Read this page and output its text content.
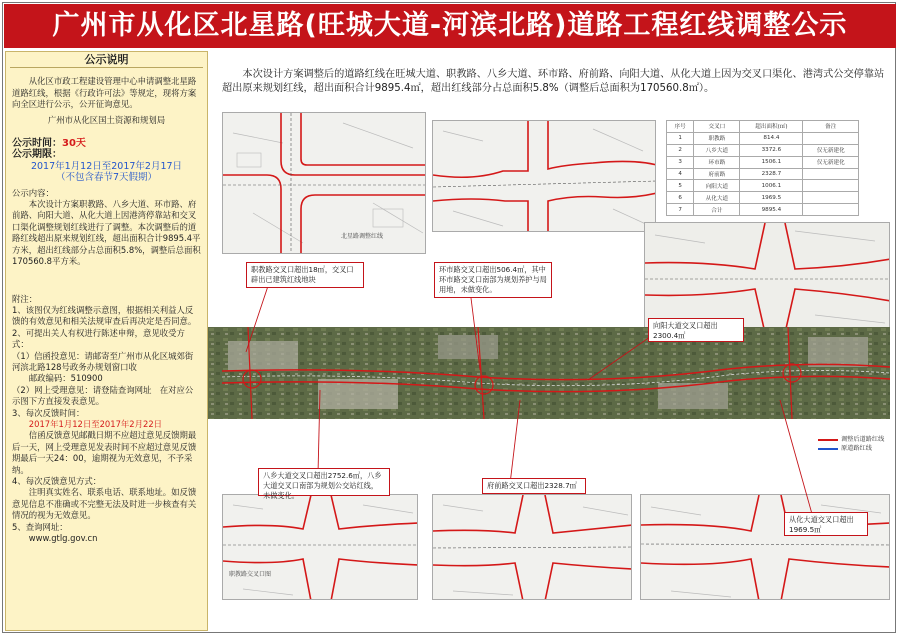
广州市从化区北星路(旺城大道-河滨北路)道路工程红线调整公示
公示说明

从化区市政工程建设管理中心申请调整北星路道路红线，根据《行政许可法》等规定，现将方案向全区进行公示，公开征询意见。

广州市从化区国土资源和规划局

公示时间：30天
公示期限：

2017年1月12日至2017年2月17日

（不包含春节7天假期）

公示内容：

本次设计方案职教路、八乡大道、环市路、府前路、向阳大道、从化大道上因港湾停靠站和交叉口渠化调整规划红线进行了调整。本次调整后的道路红线超出原来规划红线，超出面积合计9895.4平方米，超出红线部分占总面积5.8%，调整后总面积170560.8平方米。

附注：

1、该图仅为红线调整示意图，根据相关利益人反馈的有效意见和相关法规审查后再决定是否同意。

2、可提出关人有权进行陈述申辩，意见收受方式：

（1）信函投意见：请邮寄至广州市从化区城郊街河滨北路128号政务办规划窗口收

邮政编码：510900

（2）网上受理意见：请登陆查询网址　在对应公示图下方直接发表意见。

3、每次反馈时间：

2017年1月12日至2017年2月22日

信函反馈意见邮戳日期不应超过意见反馈期最后一天，网上受理意见发表时间不应超过意见反馈期最后一天24：00，逾期视为无效意见，不予采纳。

4、每次反馈意见方式：

注明真实姓名、联系电话、联系地址。如反馈意见信息不准确或不完整无法及时进一步核查有关情况的视为无效意见。

5、查询网址：

www.gtlg.gov.cn

本次设计方案调整后的道路红线在旺城大道、职教路、八乡大道、环市路、府前路、向阳大道、从化大道上因为交叉口渠化、港湾式公交停靠站超出原来规划红线，超出面积合计9895.4㎡，超出红线部分占总面积5.8%（调整后总面积为170560.8㎡）。
北星路调整红线
序号	交叉口	超出面积(㎡)	备注
1	职教路	814.4	
2	八乡大道	3372.6	仅无新建化
3	环市路	1506.1	仅无新建化
4	府前路	2328.7	
5	向阳大道	1006.1	
6	从化大道	1969.5	
7	合计	9895.4	
职教路交叉口图
职教路交叉口超出18㎡，交叉口辟出已建筑红线地块
环市路交叉口超出506.4㎡，其中环市路交叉口南部为规划养护与局用地，未做变化。
向阳大道交叉口超出2300.4㎡
八乡大道交叉口超出2752.6㎡，八乡大道交叉口南部为规划公交站红线，未做变化。
府前路交叉口超出2328.7㎡
从化大道交叉口超出1969.5㎡
调整后道路红线
原道路红线
